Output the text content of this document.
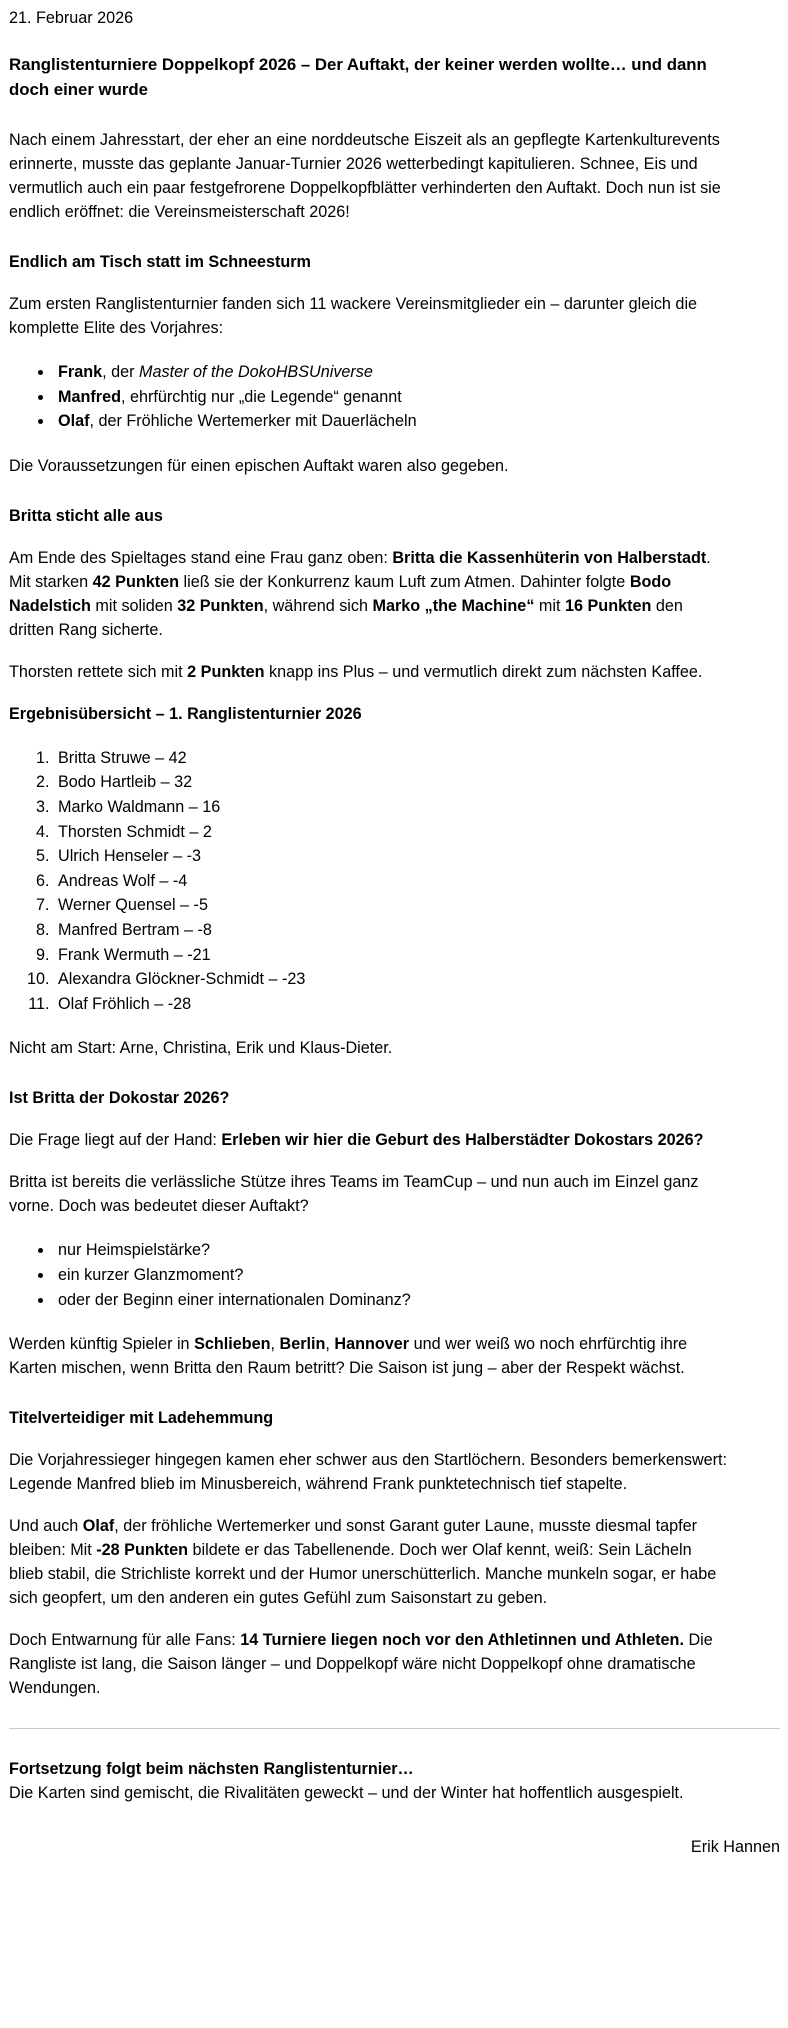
21. Februar 2026

Ranglistenturniere Doppelkopf 2026 – Der Auftakt, der keiner werden wollte… und dann doch einer wurde

Nach einem Jahresstart, der eher an eine norddeutsche Eiszeit als an gepflegte Kartenkulturevents erinnerte, musste das geplante Januar-Turnier 2026 wetterbedingt kapitulieren. Schnee, Eis und vermutlich auch ein paar festgefrorene Doppelkopfblätter verhinderten den Auftakt. Doch nun ist sie endlich eröffnet: die Vereinsmeisterschaft 2026!

Endlich am Tisch statt im Schneesturm

Zum ersten Ranglistenturnier fanden sich 11 wackere Vereinsmitglieder ein – darunter gleich die komplette Elite des Vorjahres:

• Frank, der Master of the DokoHBSUniverse
• Manfred, ehrfürchtig nur „die Legende“ genannt
• Olaf, der Fröhliche Wertemerker mit Dauerlächeln

Die Voraussetzungen für einen epischen Auftakt waren also gegeben.

Britta sticht alle aus

Am Ende des Spieltages stand eine Frau ganz oben: Britta die Kassenhüterin von Halberstadt. Mit starken 42 Punkten ließ sie der Konkurrenz kaum Luft zum Atmen. Dahinter folgte Bodo Nadelstich mit soliden 32 Punkten, während sich Marko „the Machine“ mit 16 Punkten den dritten Rang sicherte.

Thorsten rettete sich mit 2 Punkten knapp ins Plus – und vermutlich direkt zum nächsten Kaffee.

Ergebnisübersicht – 1. Ranglistenturnier 2026
1. Britta Struwe – 42
2. Bodo Hartleib – 32
3. Marko Waldmann – 16
4. Thorsten Schmidt – 2
5. Ulrich Henseler – -3
6. Andreas Wolf – -4
7. Werner Quensel – -5
8. Manfred Bertram – -8
9. Frank Wermuth – -21
10. Alexandra Glöckner-Schmidt – -23
11. Olaf Fröhlich – -28

Nicht am Start: Arne, Christina, Erik und Klaus-Dieter.

Ist Britta der Dokostar 2026?

Die Frage liegt auf der Hand: Erleben wir hier die Geburt des Halberstädter Dokostars 2026?

Britta ist bereits die verlässliche Stütze ihres Teams im TeamCup – und nun auch im Einzel ganz vorne. Doch was bedeutet dieser Auftakt?

• nur Heimspielstärke?
• ein kurzer Glanzmoment?
• oder der Beginn einer internationalen Dominanz?

Werden künftig Spieler in Schlieben, Berlin, Hannover und wer weiß wo noch ehrfürchtig ihre Karten mischen, wenn Britta den Raum betritt? Die Saison ist jung – aber der Respekt wächst.

Titelverteidiger mit Ladehemmung

Die Vorjahressieger hingegen kamen eher schwer aus den Startlöchern. Besonders bemerkenswert: Legende Manfred blieb im Minusbereich, während Frank punktetechnisch tief stapelte.

Und auch Olaf, der fröhliche Wertemerker und sonst Garant guter Laune, musste diesmal tapfer bleiben: Mit -28 Punkten bildete er das Tabellenende. Doch wer Olaf kennt, weiß: Sein Lächeln blieb stabil, die Strichliste korrekt und der Humor unerschütterlich. Manche munkeln sogar, er habe sich geopfert, um den anderen ein gutes Gefühl zum Saisonstart zu geben.

Doch Entwarnung für alle Fans: 14 Turniere liegen noch vor den Athletinnen und Athleten. Die Rangliste ist lang, die Saison länger – und Doppelkopf wäre nicht Doppelkopf ohne dramatische Wendungen.

Fortsetzung folgt beim nächsten Ranglistenturnier…
Die Karten sind gemischt, die Rivalitäten geweckt – und der Winter hat hoffentlich ausgespielt.

Erik Hannen
